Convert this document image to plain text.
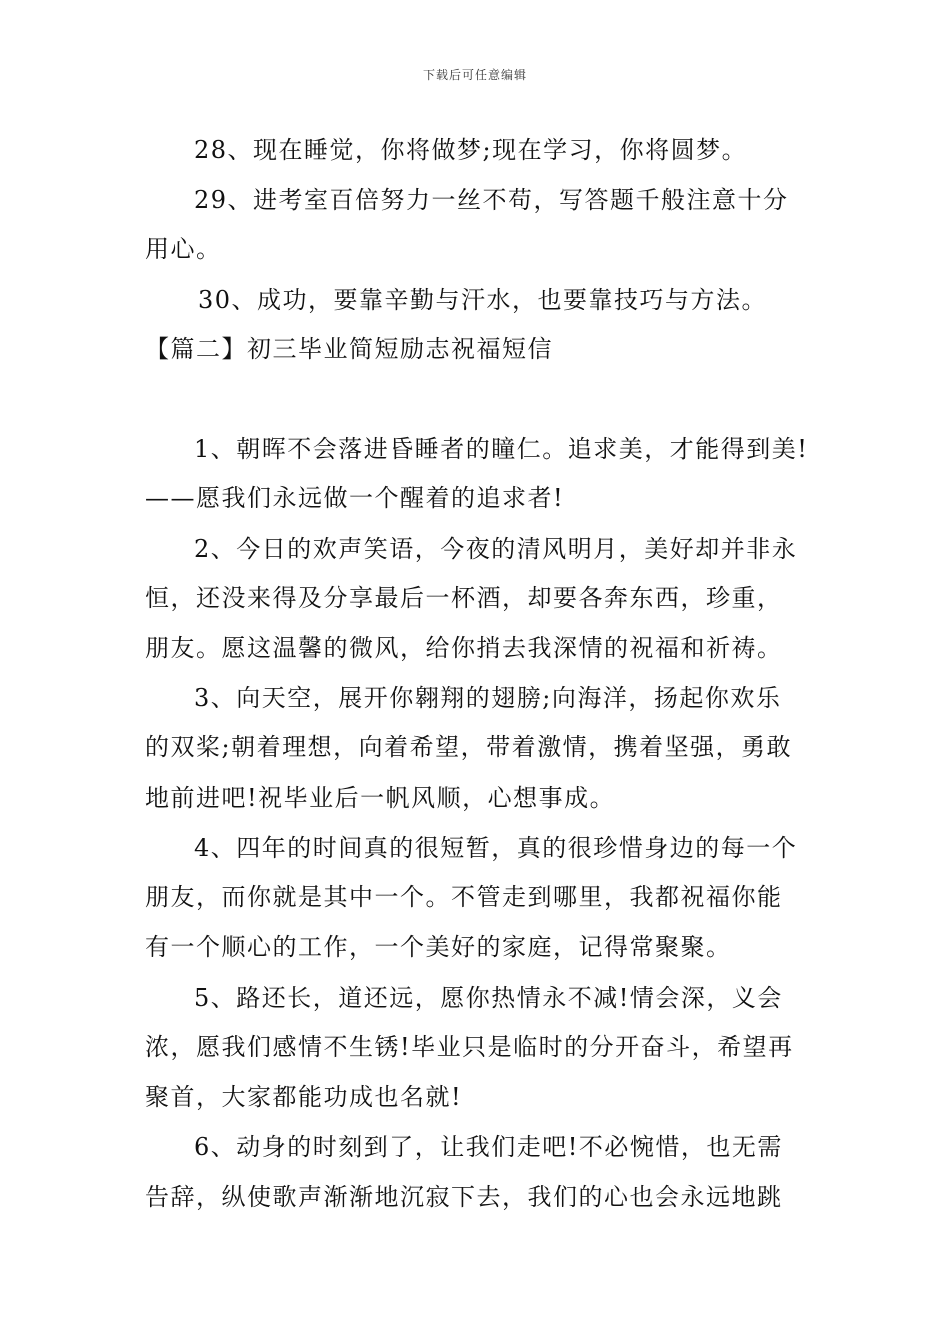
下载后可任意编辑
28、现在睡觉，你将做梦;现在学习，你将圆梦。
29、进考室百倍努力一丝不苟，写答题千般注意十分
用心。
30、成功，要靠辛勤与汗水，也要靠技巧与方法。
【篇二】初三毕业简短励志祝福短信
1、朝晖不会落进昏睡者的瞳仁。追求美，才能得到美!
——愿我们永远做一个醒着的追求者!
2、今日的欢声笑语，今夜的清风明月，美好却并非永
恒，还没来得及分享最后一杯酒，却要各奔东西，珍重，
朋友。愿这温馨的微风，给你捎去我深情的祝福和祈祷。
3、向天空，展开你翱翔的翅膀;向海洋，扬起你欢乐
的双桨;朝着理想，向着希望，带着激情，携着坚强，勇敢
地前进吧!祝毕业后一帆风顺，心想事成。
4、四年的时间真的很短暂，真的很珍惜身边的每一个
朋友，而你就是其中一个。不管走到哪里，我都祝福你能
有一个顺心的工作，一个美好的家庭，记得常聚聚。
5、路还长，道还远，愿你热情永不减!情会深，义会
浓，愿我们感情不生锈!毕业只是临时的分开奋斗，希望再
聚首，大家都能功成也名就!
6、动身的时刻到了，让我们走吧!不必惋惜，也无需
告辞，纵使歌声渐渐地沉寂下去，我们的心也会永远地跳
